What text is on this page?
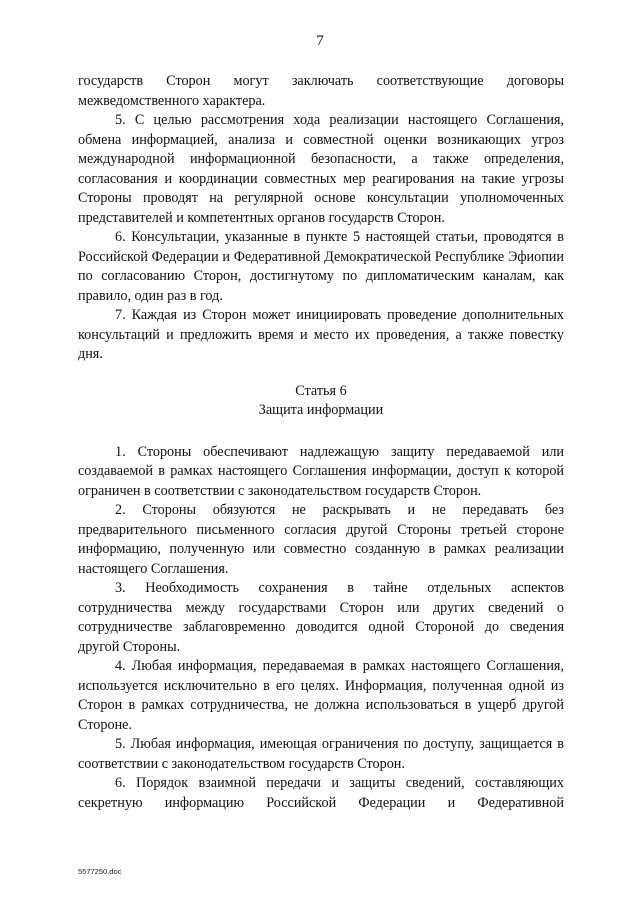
7

государств Сторон могут заключать соответствующие договоры межведомственного характера.

5. С целью рассмотрения хода реализации настоящего Соглашения, обмена информацией, анализа и совместной оценки возникающих угроз международной информационной безопасности, а также определения, согласования и координации совместных мер реагирования на такие угрозы Стороны проводят на регулярной основе консультации уполномоченных представителей и компетентных органов государств Сторон.

6. Консультации, указанные в пункте 5 настоящей статьи, проводятся в Российской Федерации и Федеративной Демократической Республике Эфиопии по согласованию Сторон, достигнутому по дипломатическим каналам, как правило, один раз в год.

7. Каждая из Сторон может инициировать проведение дополнительных консультаций и предложить время и место их проведения, а также повестку дня.

Статья 6
Защита информации

1. Стороны обеспечивают надлежащую защиту передаваемой или создаваемой в рамках настоящего Соглашения информации, доступ к которой ограничен в соответствии с законодательством государств Сторон.

2. Стороны обязуются не раскрывать и не передавать без предварительного письменного согласия другой Стороны третьей стороне информацию, полученную или совместно созданную в рамках реализации настоящего Соглашения.

3. Необходимость сохранения в тайне отдельных аспектов сотрудничества между государствами Сторон или других сведений о сотрудничестве заблаговременно доводится одной Стороной до сведения другой Стороны.

4. Любая информация, передаваемая в рамках настоящего Соглашения, используется исключительно в его целях. Информация, полученная одной из Сторон в рамках сотрудничества, не должна использоваться в ущерб другой Стороне.

5. Любая информация, имеющая ограничения по доступу, защищается в соответствии с законодательством государств Сторон.

6. Порядок взаимной передачи и защиты сведений, составляющих секретную информацию Российской Федерации и Федеративной

5577250.doc
